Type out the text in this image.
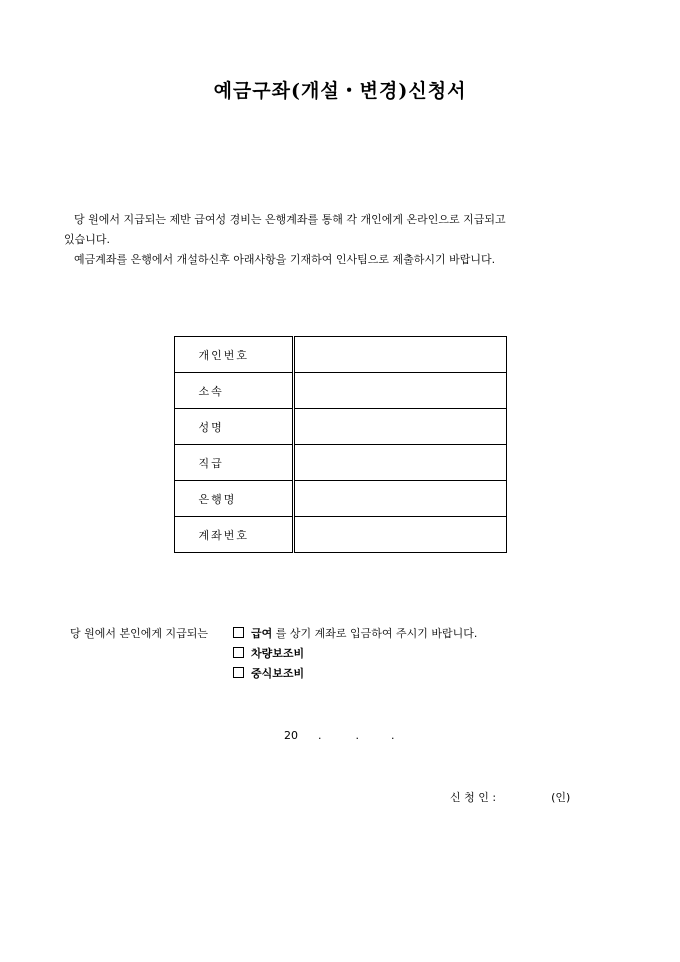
예금구좌(개설・변경)신청서

당 원에서 지급되는 제반 급여성 경비는 은행계좌를 통해 각 개인에게 온라인으로 지급되고

있습니다.

예금계좌를 은행에서 개설하신후 아래사항을 기재하여 인사팀으로 제출하시기 바랍니다.

개인번호	
소속	
성명	
직급	
은행명	
계좌번호	
당 원에서 본인에게 지급되는	급여 를 상기 계좌로 입금하여 주시기 바랍니다.
차량보조비
중식보조비
20 .	.	.
신 청 인 :	(인)
